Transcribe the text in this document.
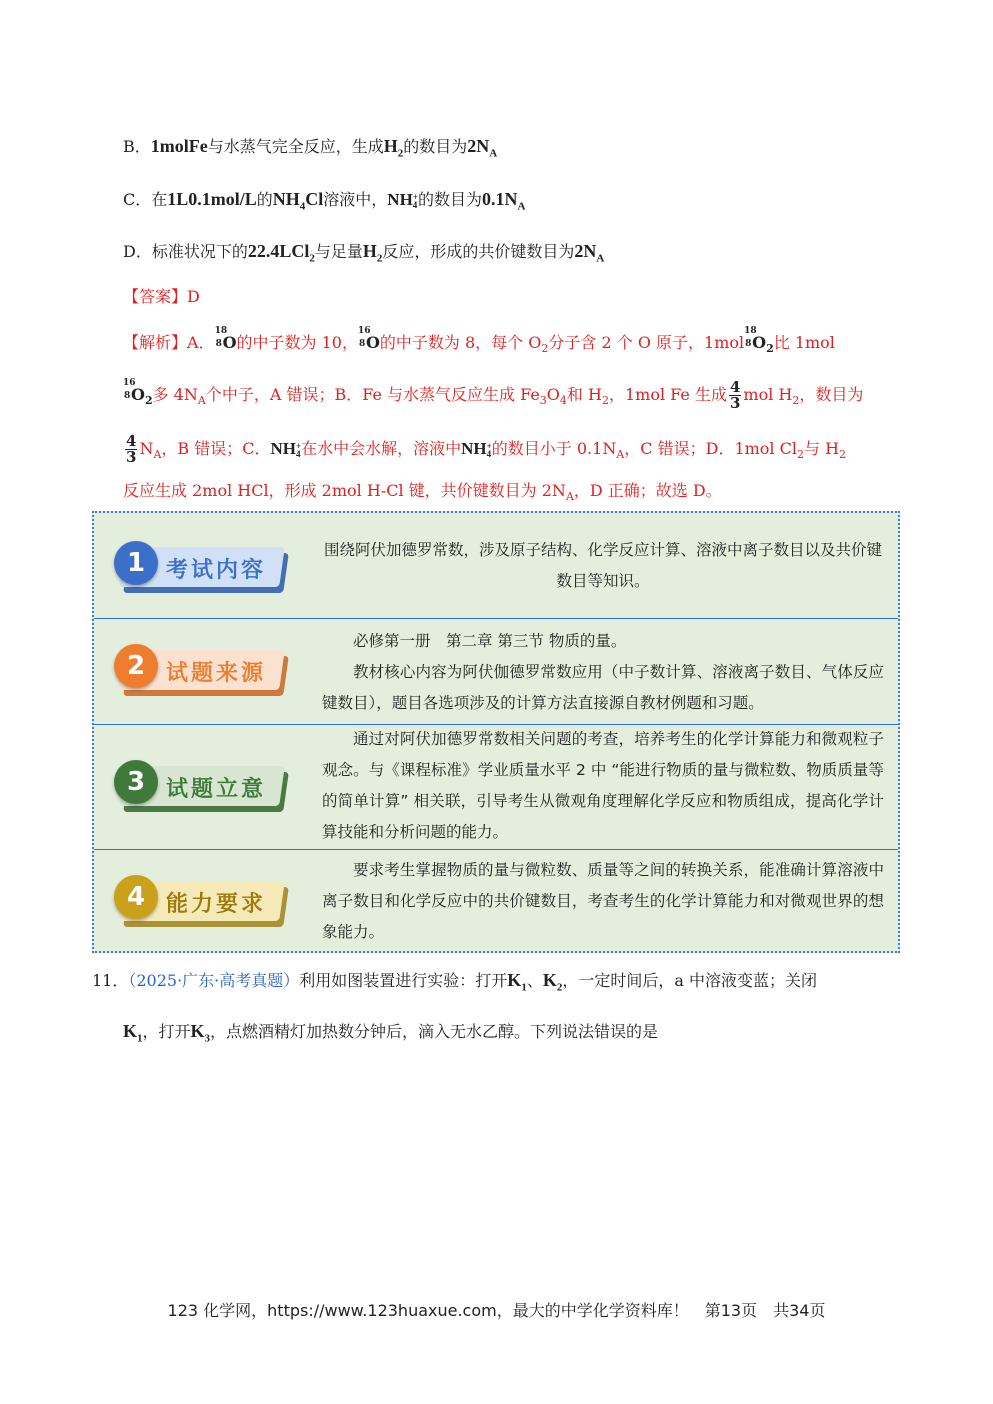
B．1molFe与水蒸气完全反应，生成$H_2$的数目为$2N_A$
C．在1L0.1mol/L的$NH_4Cl$溶液中，NH +
4 的数目为$0.1N_A$
D．标准状况下的22.4LCl$_2$与足量$H_2$反应，形成的共价键数目为$2N_A$
【答案】D
【解析】A．
18
8 O的中子数为 10，
16
8 O的中子数为 8，每个 $O_2$分子含 2 个 O 原子，1mol
18
8 $O_2$比 1mol
16
8 $O_2$多 $4N_A$个中子，A 错误；B．Fe 与水蒸气反应生成 $Fe_3O_4$和 $H_2$，1mol Fe 生成 $\frac{4}{3}$ mol $H_2$，数目为
$\frac{4}{3} N_A$，B 错误；C．NH +
4 在水中会水解，溶液中NH +
4 的数目小于 $0.1N_A$，C 错误；D．1mol $Cl_2$与 $H_2$
反应生成 2mol HCl，形成 2mol H-Cl 键，共价键数目为 $2N_A$，D 正确；故选 D。
1 考试内容
围绕阿伏加德罗常数，涉及原子结构、化学反应计算、溶液中离子数目以及共价键数目等知识。
2 试题来源
必修第一册　第二章 第三节 物质的量。
教材核心内容为阿伏伽德罗常数应用（中子数计算、溶液离子数目、气体反应键数目），题目各选项涉及的计算方法直接源自教材例题和习题。
3 试题立意
通过对阿伏加德罗常数相关问题的考查，培养考生的化学计算能力和微观粒子观念。与《课程标准》学业质量水平 2 中 “能进行物质的量与微粒数、物质质量等的简单计算” 相关联，引导考生从微观角度理解化学反应和物质组成，提高化学计算技能和分析问题的能力。
4 能力要求
要求考生掌握物质的量与微粒数、质量等之间的转换关系，能准确计算溶液中离子数目和化学反应中的共价键数目，考查考生的化学计算能力和对微观世界的想象能力。
11．（2025·广东·高考真题）利用如图装置进行实验：打开$K_1$、$K_2$，一定时间后，a 中溶液变蓝；关闭
$K_1$，打开$K_3$，点燃酒精灯加热数分钟后，滴入无水乙醇。下列说法错误的是
123 化学网，https://www.123huaxue.com，最大的中学化学资料库！　第13页　共34页
